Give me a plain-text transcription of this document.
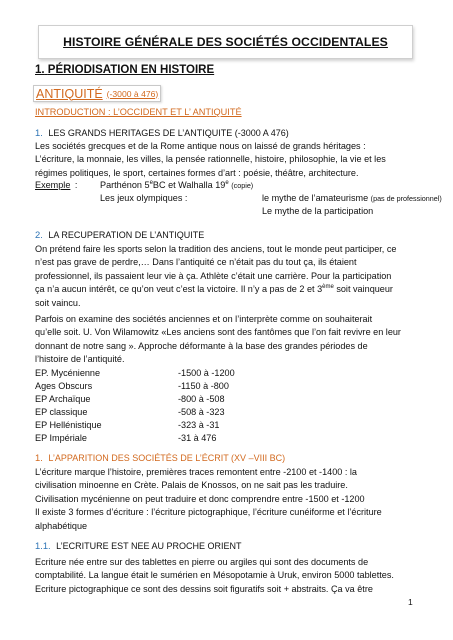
HISTOIRE GÉNÉRALE DES SOCIÉTÉS OCCIDENTALES
1. PÉRIODISATION EN HISTOIRE
ANTIQUITÉ (-3000 à 476)
INTRODUCTION : L’OCCIDENT ET L’ ANTIQUITÉ
1. LES GRANDS HERITAGES DE L’ANTIQUITE (-3000 A 476)
Les sociétés grecques et de la Rome antique nous on laissé de grands héritages :
L’écriture, la monnaie, les villes, la pensée rationnelle, histoire, philosophie, la vie et les
régimes politiques, le sport, certaines formes d’art : poésie, théâtre, architecture.
Exemple : Parthénon 5eBC et Walhalla 19e (copie)
Les jeux olympiques :	le mythe de l’amateurisme (pas de professionnel)
Le mythe de la participation
2. LA RECUPERATION DE L’ANTIQUITE
On prétend faire les sports selon la tradition des anciens, tout le monde peut participer, ce
n’est pas grave de perdre,… Dans l’antiquité ce n’était pas du tout ça, ils étaient
professionnel, ils passaient leur vie à ça. Athlète c’était une carrière. Pour la participation
ça n’a aucun intérêt, ce qu’on veut c’est la victoire. Il n’y a pas de 2 et 3ème soit vainqueur
soit vaincu.
Parfois on examine des sociétés anciennes et on l’interprète comme on souhaiterait
qu’elle soit. U. Von Wilamowitz «Les anciens sont des fantômes que l’on fait revivre en leur
donnant de notre sang ». Approche déformante à la base des grandes périodes de
l’histoire de l’antiquité.
EP. Mycénienne	-1500 à -1200
Ages Obscurs	-1150 à -800
EP Archaïque	-800 à -508
EP classique	-508 à -323
EP Hellénistique	-323 à -31
EP Impériale	-31 à 476
1. L’APPARITION DES SOCIÉTÉS DE L’ÉCRIT (XV –VIII BC)
L’écriture marque l’histoire, premières traces remontent entre -2100 et -1400 : la
civilisation minoenne en Crète. Palais de Knossos, on ne sait pas les traduire.
Civilisation mycénienne on peut traduire et donc comprendre entre -1500 et -1200
Il existe 3 formes d’écriture : l’écriture pictographique, l’écriture cunéiforme et l’écriture
alphabétique
1.1. L’ECRITURE EST NEE AU PROCHE ORIENT
Ecriture née entre sur des tablettes en pierre ou argiles qui sont des documents de
comptabilité. La langue était le sumérien en Mésopotamie à Uruk, environ 5000 tablettes.
Ecriture pictographique ce sont des dessins soit figuratifs soit + abstraits. Ça va être
1
